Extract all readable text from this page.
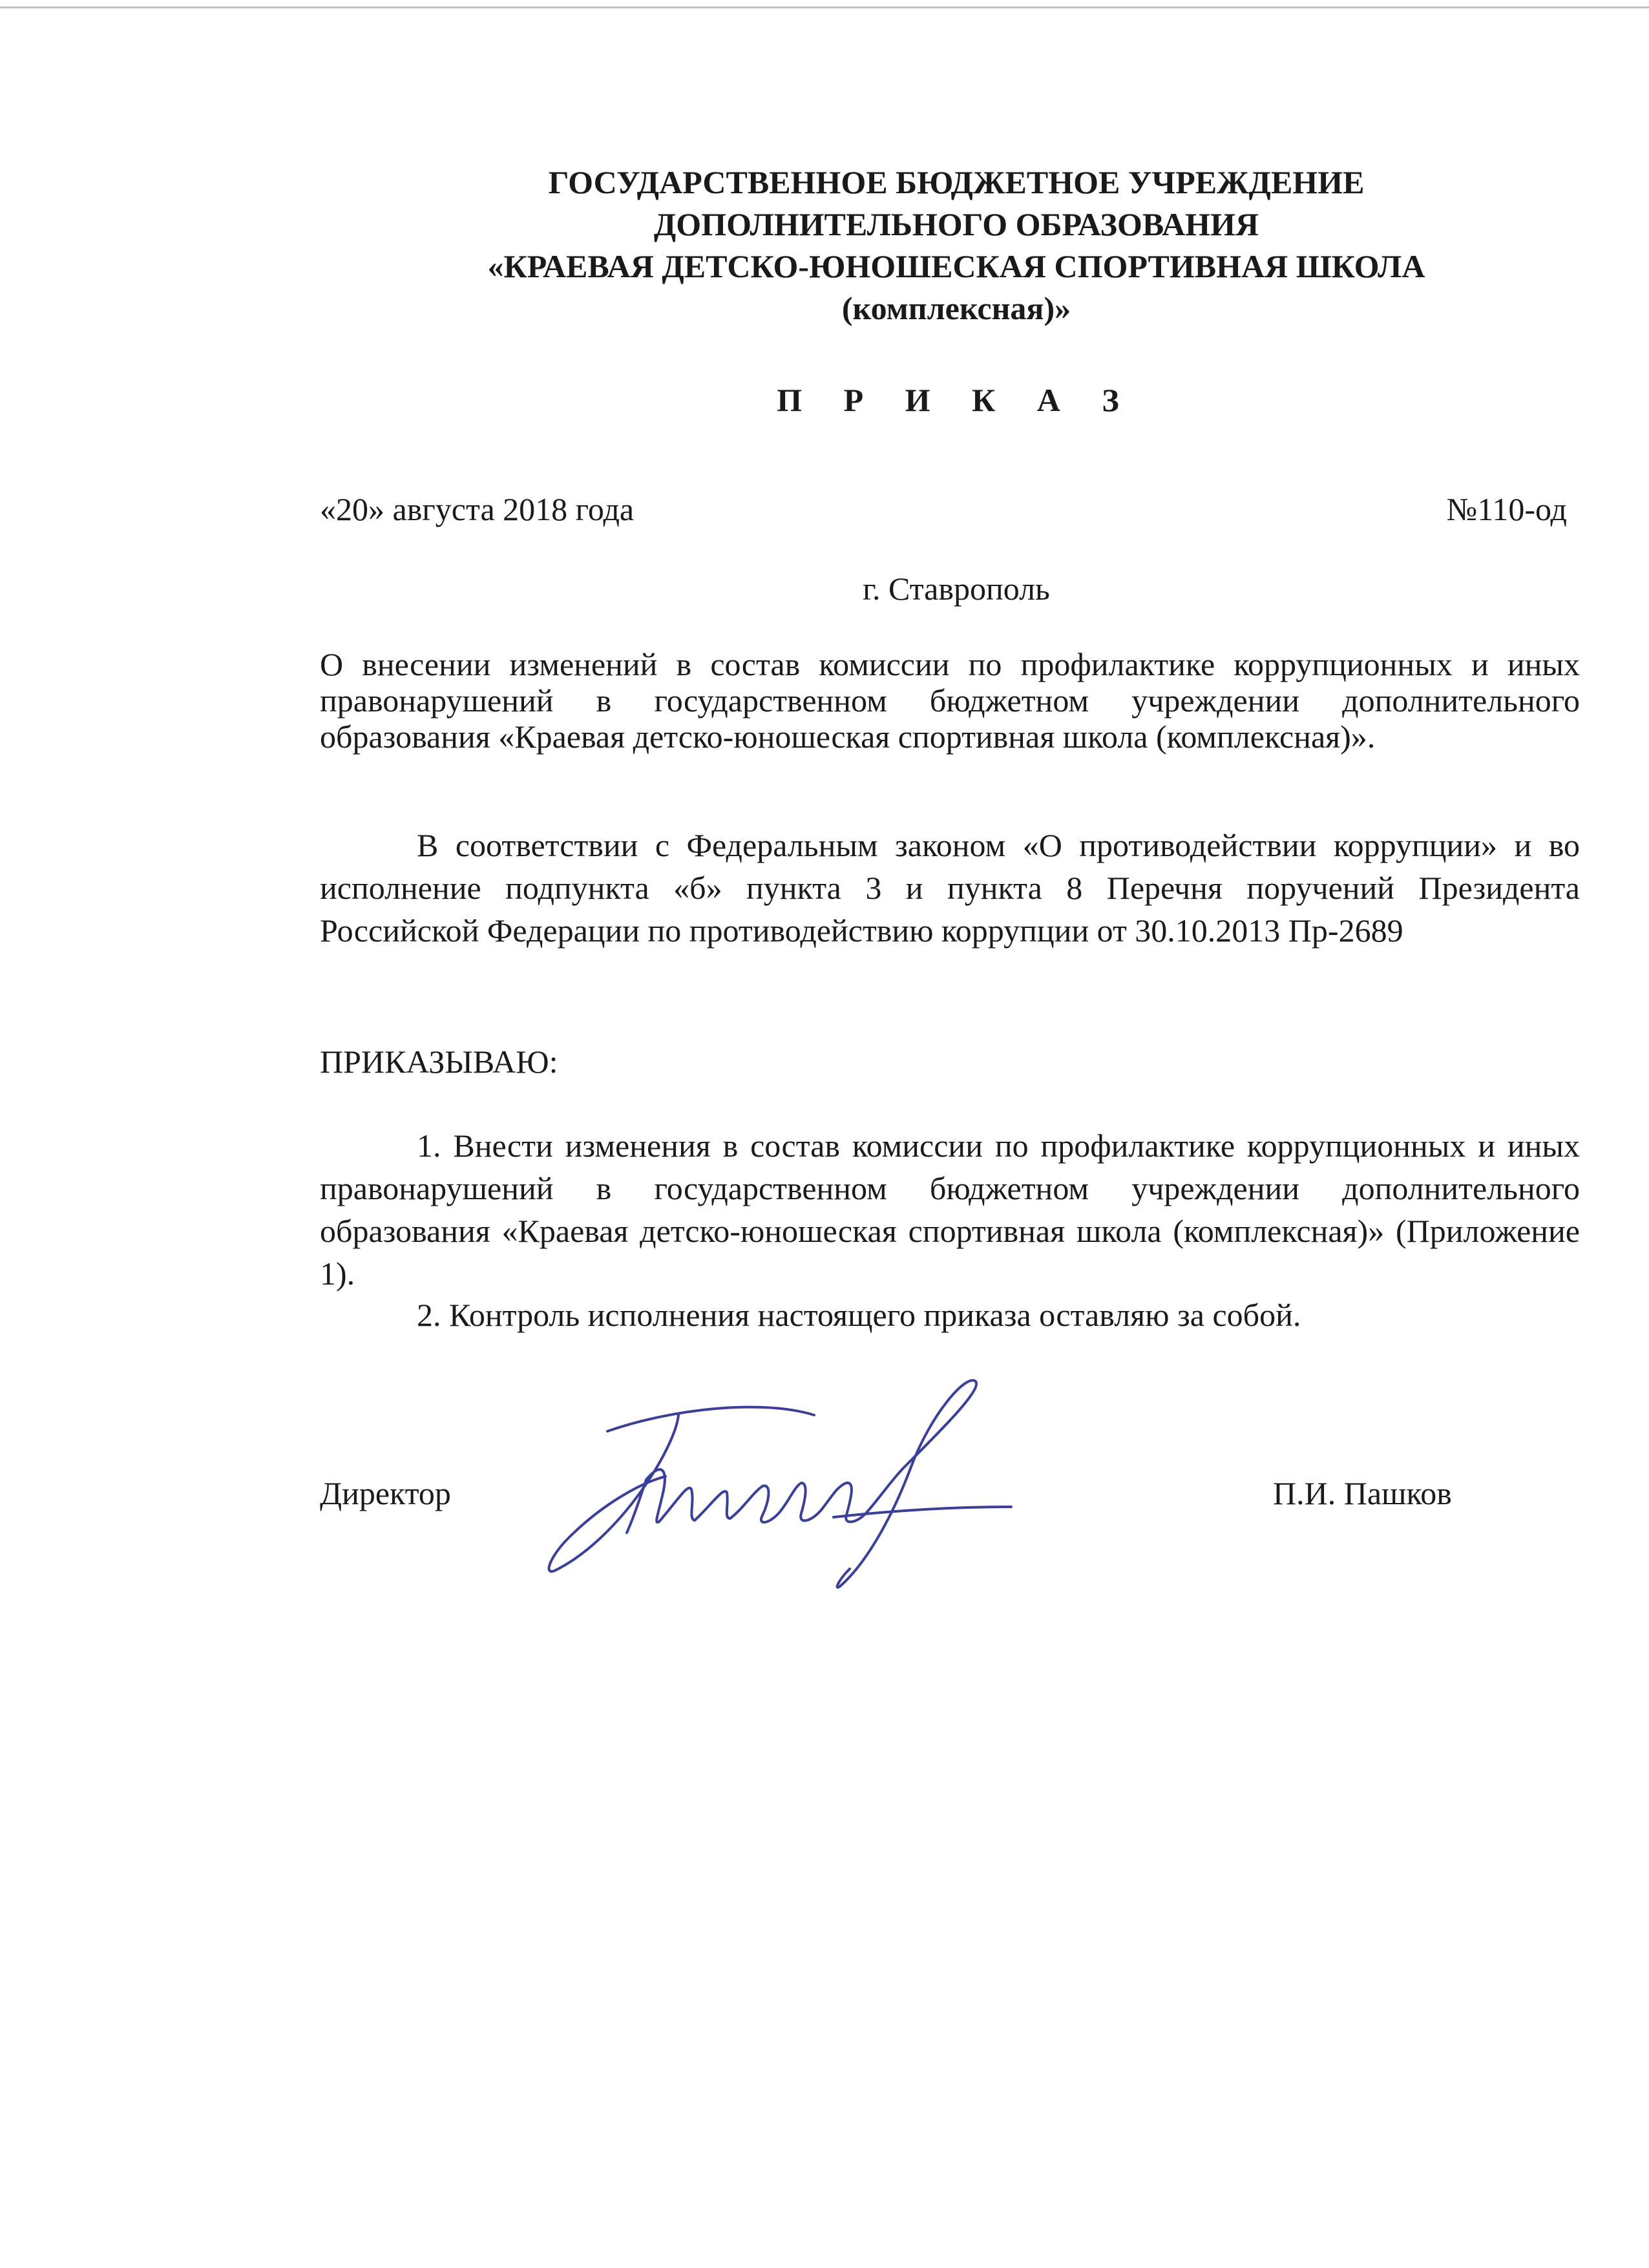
ГОСУДАРСТВЕННОЕ БЮДЖЕТНОЕ УЧРЕЖДЕНИЕ
ДОПОЛНИТЕЛЬНОГО ОБРАЗОВАНИЯ
«КРАЕВАЯ ДЕТСКО-ЮНОШЕСКАЯ СПОРТИВНАЯ ШКОЛА
(комплексная)»
П Р И К А З
«20» августа 2018 года	№110-од
г. Ставрополь
О внесении изменений в состав комиссии по профилактике коррупционных и иных правонарушений в государственном бюджетном учреждении дополнительного образования «Краевая детско-юношеская спортивная школа (комплексная)».
В соответствии с Федеральным законом «О противодействии коррупции» и во исполнение подпункта «б» пункта 3 и пункта 8 Перечня поручений Президента Российской Федерации по противодействию коррупции от 30.10.2013 Пр-2689
ПРИКАЗЫВАЮ:
1. Внести изменения в состав комиссии по профилактике коррупционных и иных правонарушений в государственном бюджетном учреждении дополнительного образования «Краевая детско-юношеская спортивная школа (комплексная)» (Приложение 1).
2. Контроль исполнения настоящего приказа оставляю за собой.
Директор	П.И. Пашков
